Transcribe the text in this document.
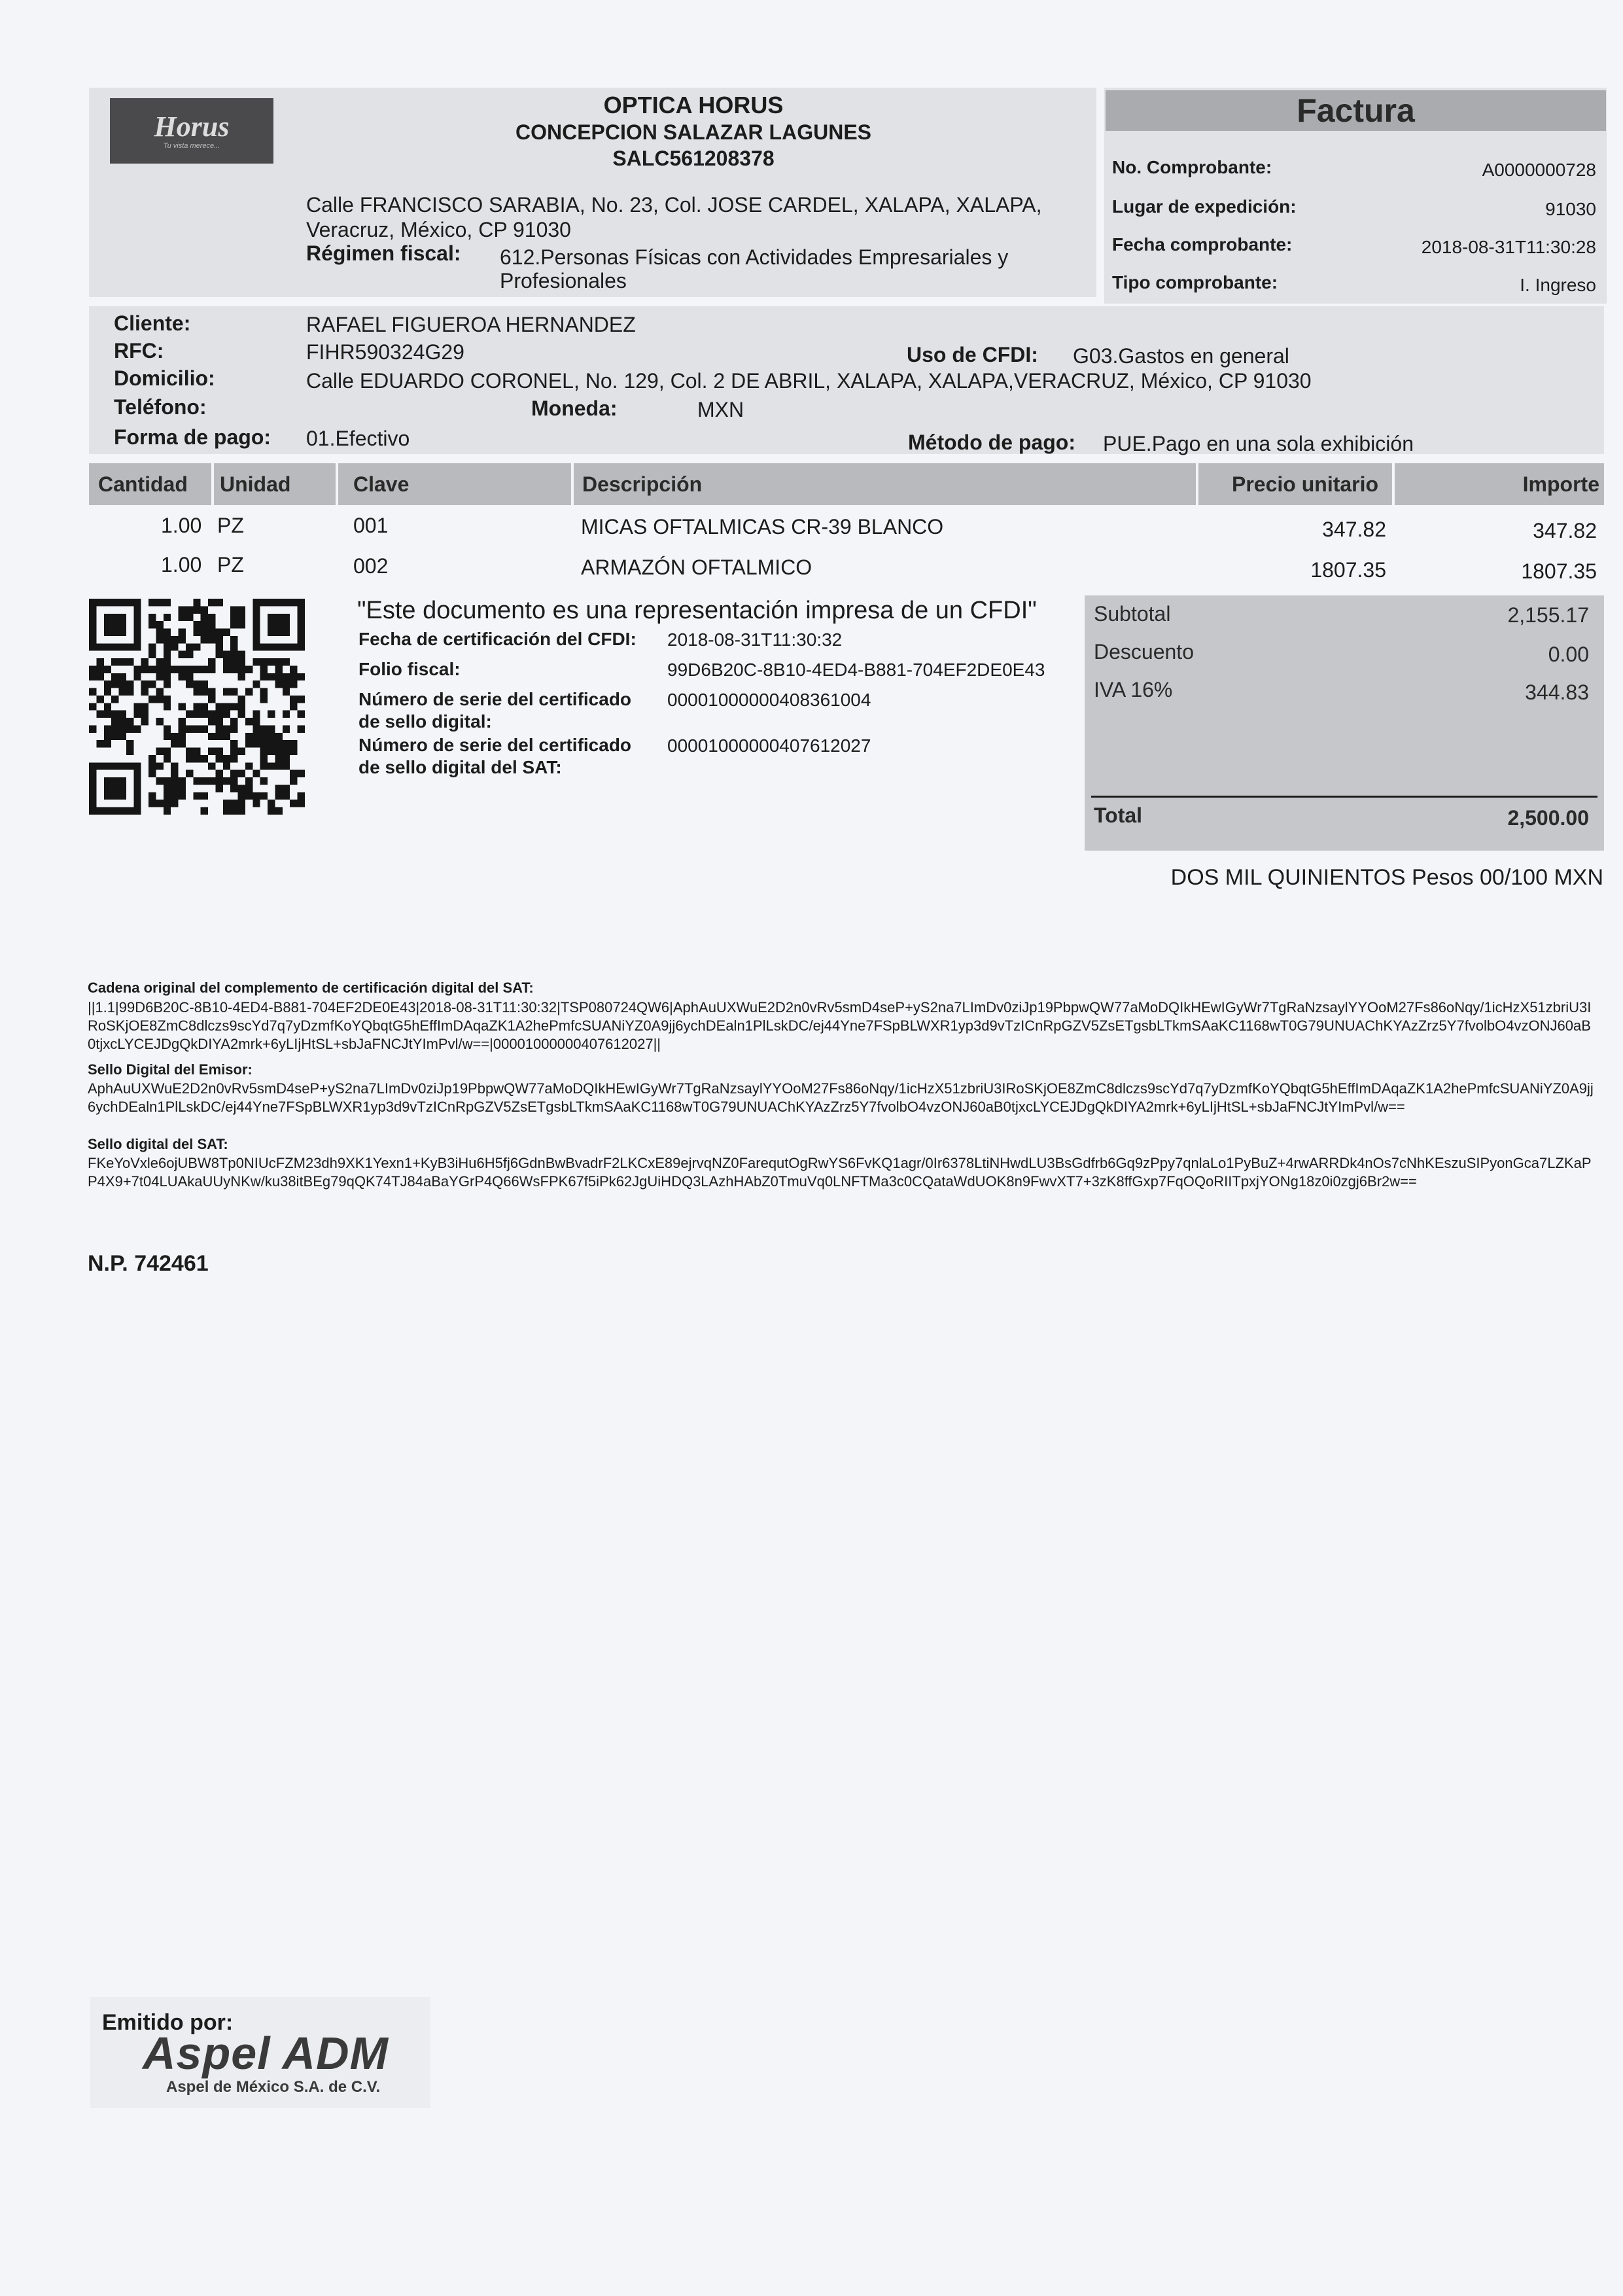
Horus
Tu vista merece...
OPTICA HORUS
CONCEPCION SALAZAR LAGUNES
SALC561208378
Calle FRANCISCO SARABIA, No. 23, Col. JOSE CARDEL, XALAPA, XALAPA,
Veracruz, México, CP 91030
Régimen fiscal: 612.Personas Físicas con Actividades Empresariales y
Profesionales
Factura
No. Comprobante:	A0000000728
Lugar de expedición:	91030
Fecha comprobante:	2018-08-31T11:30:28
Tipo comprobante:	I. Ingreso
Cliente:	RAFAEL FIGUEROA HERNANDEZ
RFC:	FIHR590324G29	Uso de CFDI: G03.Gastos en general
Domicilio:	Calle EDUARDO CORONEL, No. 129, Col. 2 DE ABRIL, XALAPA, XALAPA,VERACRUZ, México, CP 91030
Teléfono:	Moneda:	MXN
Forma de pago: 01.Efectivo	Método de pago: PUE.Pago en una sola exhibición
Cantidad Unidad	Clave	Descripción	Precio unitario	Importe
1.00 PZ	001	MICAS OFTALMICAS CR-39 BLANCO	347.82	347.82
1.00 PZ	002	ARMAZÓN OFTALMICO	1807.35	1807.35
"Este documento es una representación impresa de un CFDI"
Fecha de certificación del CFDI: 2018-08-31T11:30:32
Folio fiscal:	99D6B20C-8B10-4ED4-B881-704EF2DE0E43
Número de serie del certificado
de sello digital:
00001000000408361004
Número de serie del certificado
de sello digital del SAT:
00001000000407612027
Subtotal	2,155.17
Descuento	0.00
IVA 16%	344.83
Total	2,500.00
DOS MIL QUINIENTOS Pesos 00/100 MXN
Cadena original del complemento de certificación digital del SAT:
||1.1|99D6B20C-8B10-4ED4-B881-704EF2DE0E43|2018-08-31T11:30:32|TSP080724QW6|AphAuUXWuE2D2n0vRv5smD4seP+yS2na7LImDv0ziJp19PbpwQW77aMoDQIkHEwIGyWr7TgRaNzsaylYYOoM27Fs86oNqy/1icHzX51zbriU3IRoSKjOE8ZmC8dlczs9scYd7q7yDzmfKoYQbqtG5hEffImDAqaZK1A2hePmfcSUANiYZ0A9jj6ychDEaln1PlLskDC/ej44Yne7FSpBLWXR1yp3d9vTzICnRpGZV5ZsETgsbLTkmSAaKC1168wT0G79UNUAChKYAzZrz5Y7fvolbO4vzONJ60aB0tjxcLYCEJDgQkDIYA2mrk+6yLIjHtSL+sbJaFNCJtYImPvl/w==|00001000000407612027||
Sello Digital del Emisor:
AphAuUXWuE2D2n0vRv5smD4seP+yS2na7LImDv0ziJp19PbpwQW77aMoDQIkHEwIGyWr7TgRaNzsaylYYOoM27Fs86oNqy/1icHzX51zbriU3IRoSKjOE8ZmC8dlczs9scYd7q7yDzmfKoYQbqtG5hEffImDAqaZK1A2hePmfcSUANiYZ0A9jj6ychDEaln1PlLskDC/ej44Yne7FSpBLWXR1yp3d9vTzICnRpGZV5ZsETgsbLTkmSAaKC1168wT0G79UNUAChKYAzZrz5Y7fvolbO4vzONJ60aB0tjxcLYCEJDgQkDIYA2mrk+6yLIjHtSL+sbJaFNCJtYImPvl/w==
Sello digital del SAT:
FKeYoVxle6ojUBW8Tp0NIUcFZM23dh9XK1Yexn1+KyB3iHu6H5fj6GdnBwBvadrF2LKCxE89ejrvqNZ0FarequtOgRwYS6FvKQ1agr/0Ir6378LtiNHwdLU3BsGdfrb6Gq9zPpy7qnlaLo1PyBuZ+4rwARRDk4nOs7cNhKEszuSIPyonGca7LZKaPP4X9+7t04LUAkaUUyNKw/ku38itBEg79qQK74TJ84aBaYGrP4Q66WsFPK67f5iPk62JgUiHDQ3LAzhHAbZ0TmuVq0LNFTMa3c0CQataWdUOK8n9FwvXT7+3zK8ffGxp7FqOQoRIITpxjYONg18z0i0zgj6Br2w==
N.P. 742461
Emitido por:
Aspel ADM
Aspel de México S.A. de C.V.
